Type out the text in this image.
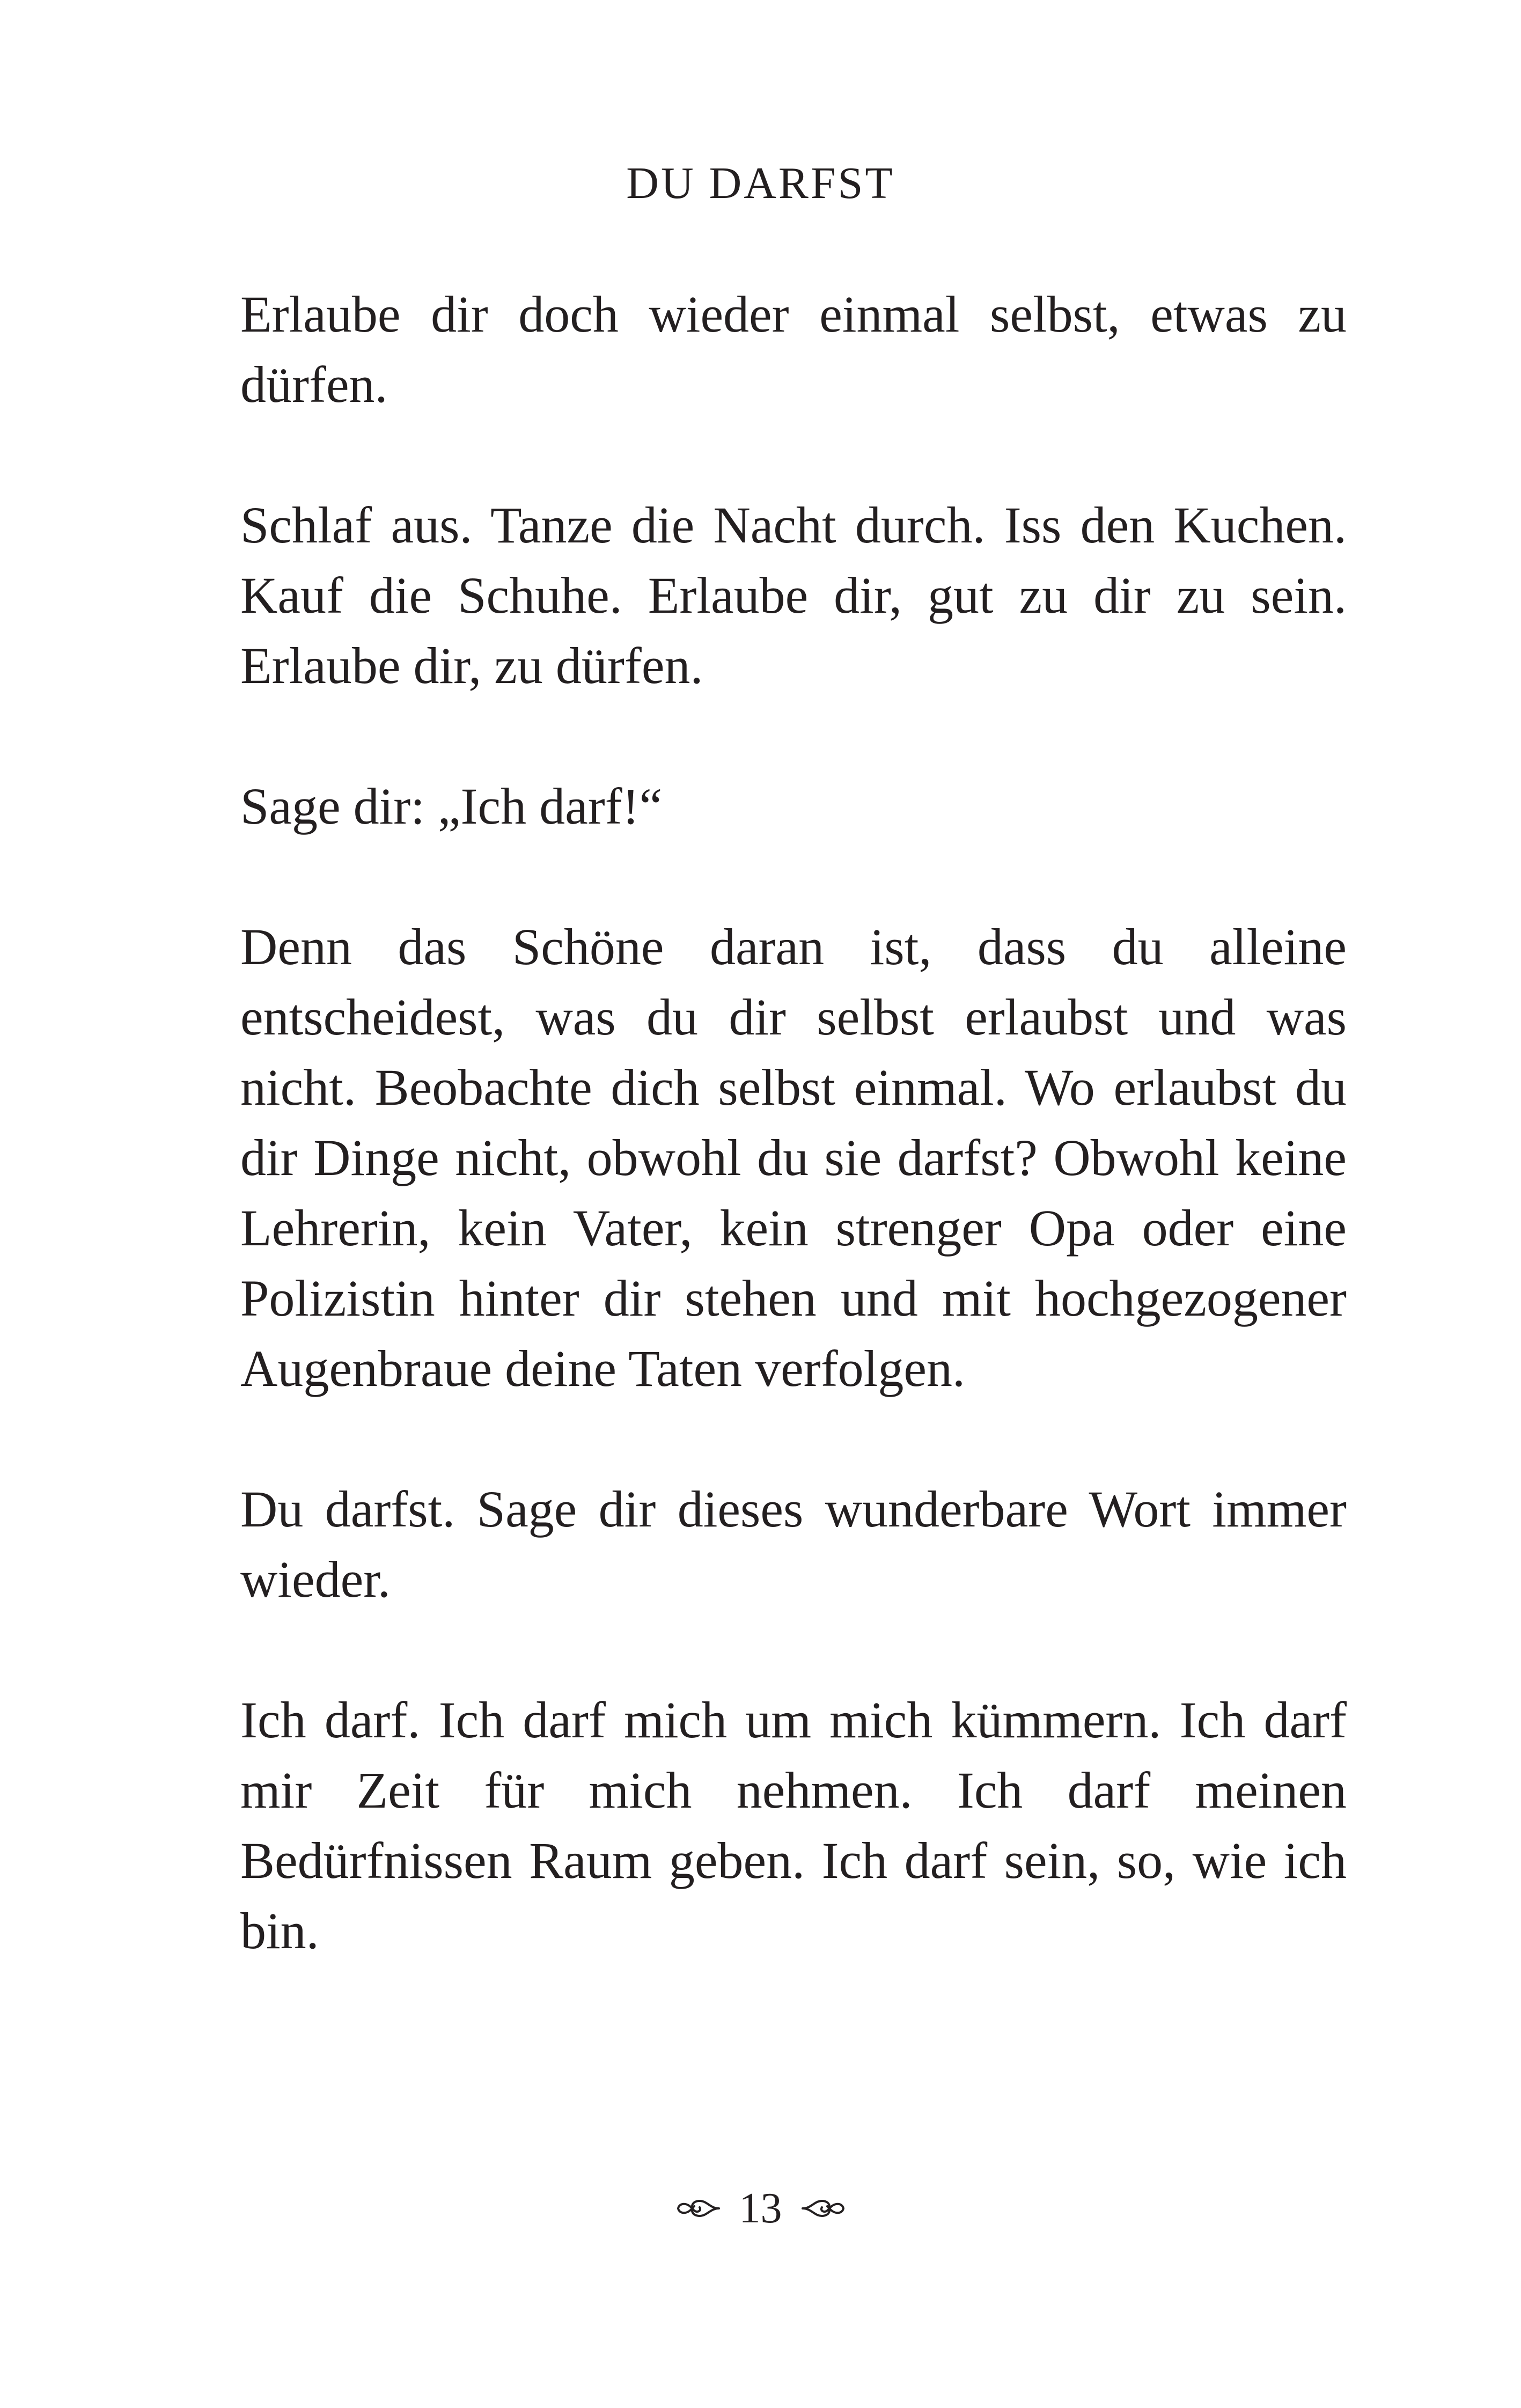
DU DARFST

Erlaube dir doch wieder einmal selbst, etwas zu dürfen.

Schlaf aus. Tanze die Nacht durch. Iss den Kuchen. Kauf die Schuhe. Erlaube dir, gut zu dir zu sein. Erlaube dir, zu dürfen.

Sage dir: „Ich darf!“

Denn das Schöne daran ist, dass du alleine entscheidest, was du dir selbst erlaubst und was nicht. Beobachte dich selbst einmal. Wo erlaubst du dir Dinge nicht, obwohl du sie darfst? Obwohl keine Lehrerin, kein Vater, kein strenger Opa oder eine Polizistin hinter dir stehen und mit hochgezogener Augenbraue deine Taten verfolgen.

Du darfst. Sage dir dieses wunderbare Wort immer wieder.

Ich darf. Ich darf mich um mich kümmern. Ich darf mir Zeit für mich nehmen. Ich darf meinen Bedürfnissen Raum geben. Ich darf sein, so, wie ich bin.

13
